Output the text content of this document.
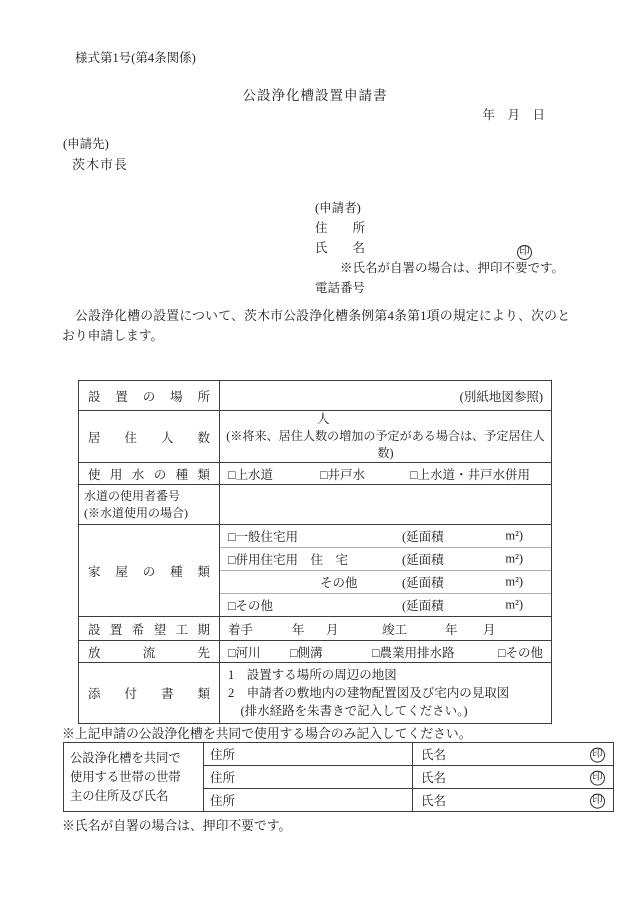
様式第1号(第4条関係)
公設浄化槽設置申請書
年　月　日
(申請先)
茨木市長
(申請者)
住　　所
氏　　名	印
※氏名が自署の場合は、押印不要です。
電話番号

　公設浄化槽の設置について、茨木市公設浄化槽条例第4条第1項の規定により、次のとおり申請します。

設置の場所	(別紙地図参照)
居住人数	人
(※将来、居住人数の増加の予定がある場合は、予定居住人数)

使用水の種類	□上水道 □井戸水 □上水道・井戸水併用

水道の使用者番号
(※水道使用の場合)	

家屋の種類	
□一般住宅用	(延面積	m²)
□併用住宅用　住　宅	(延面積	m²)
その他	(延面積	m²)
□その他	(延面積	m²)

設置希望工期	着手	年 月	竣工	年 月

放流先	□河川 □側溝 □農業用排水路 □その他

添付書類	1　設置する場所の周辺の地図
2　申請者の敷地内の建物配置図及び宅内の見取図
　(排水経路を朱書きで記入してください。)
※上記申請の公設浄化槽を共同で使用する場合のみ記入してください。
公設浄化槽を共同で
使用する世帯の世帯
主の住所及び氏名
	住所	氏名	印

	住所	氏名 印

	住所	氏名 印
※氏名が自署の場合は、押印不要です。
